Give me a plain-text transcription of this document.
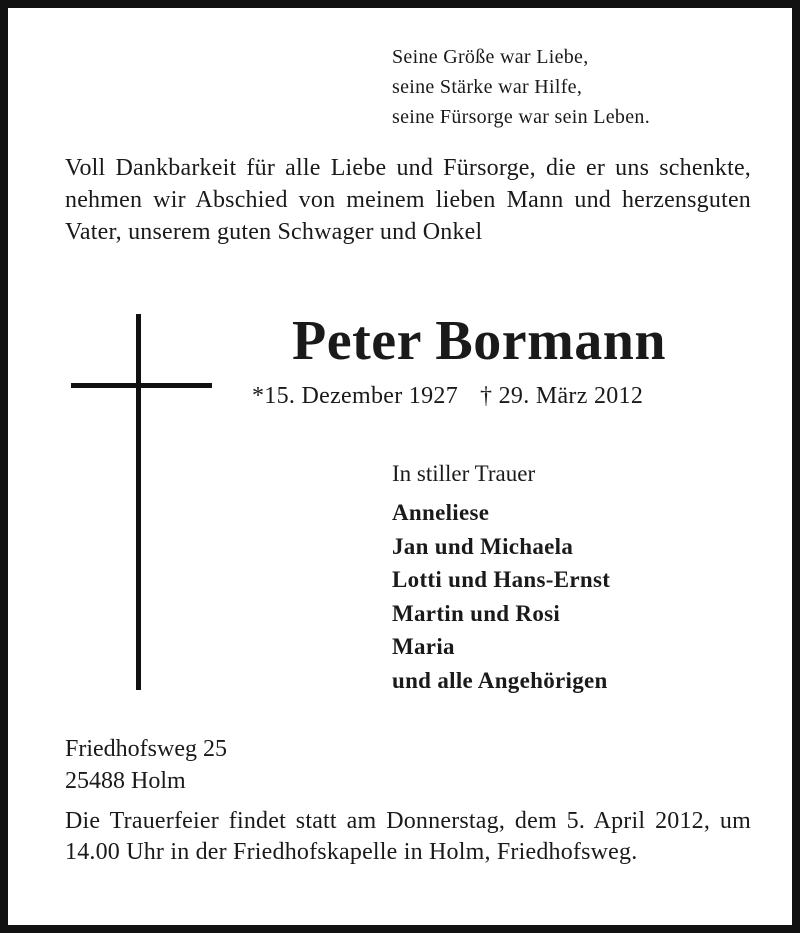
Seine Größe war Liebe,
seine Stärke war Hilfe,
seine Fürsorge war sein Leben.
Voll Dankbarkeit für alle Liebe und Fürsorge, die er uns schenkte, nehmen wir Abschied von meinem lieben Mann und herzensguten Vater, unserem guten Schwager und Onkel
Peter Bormann
*15. Dezember 1927 † 29. März 2012
In stiller Trauer
Anneliese
Jan und Michaela
Lotti und Hans-Ernst
Martin und Rosi
Maria
und alle Angehörigen
Friedhofsweg 25
25488 Holm
Die Trauerfeier findet statt am Donnerstag, dem 5. April 2012, um 14.00 Uhr in der Friedhofskapelle in Holm, Friedhofsweg.
